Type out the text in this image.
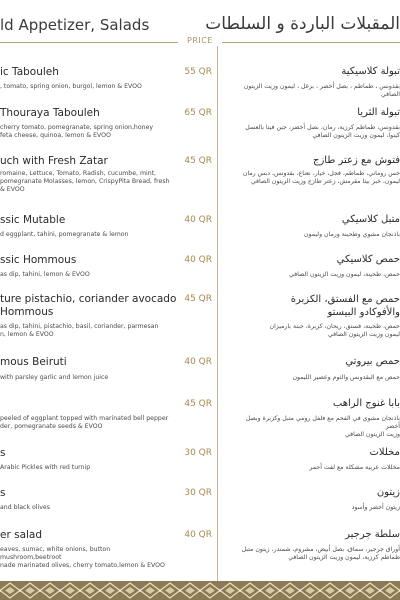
ld Appetizer, Salads	المقبلات الباردة و السلطات
PRICE
ic Tabouleh
, tomato, spring onion, burgol, lemon & EVOO
55 QR	تبولة كلاسيكية
بقدونس ، طماطم ، بصل أخضر ، برغل ، ليمون وزيت الزيتون الصافي
Thouraya Tabouleh
cherry tomato, pomegranate, spring onion,honey
feta cheese, quinoa, lemon & EVOO
65 QR	تبولة الثريا
بقدونس، طماطم كرزية، رمان، بصل أخضر، جبن فيتا بالعسل
كينوا، ليمون وزيت الزيتون الصافي
uch with Fresh Zatar
romaine, Lettuce, Tomato, Radish, cucumbe, mint,
pomegranate Molasses, lemon, CrispyPita Bread, fresh
& EVOO
45 QR	فتوش مع زعتر طازج
خس روماني، طماطم، فجل، خيار، نعناع، بقدونس، دبس رمان
ليمون، خبز بيتا مقرمش، زعتر طازج وزيت الزيتون الصافي
ssic Mutable
d eggplant, tahini, pomegranate & lemon
40 QR	متبل كلاسيكي
باذنجان مشوي وطحينة ورمان وليمون
ssic Hommous
as dip, tahini, lemon & EVOO
40 QR	حمص كلاسيكي
حمص، طحينة، ليمون وزيت الزيتون الصافي
ture pistachio, coriander avocado
Hommous
as dip, tahini, pistachio, basil, coriander, parmesan
n, lemon & EVOO
45 QR	حمص مع الفستق، الكزبرة
والأفوكادو البيستو
حمص، طحينة، فستق، ريحان، كزبرة، جبنة بارميزان
ليمون وزيت الزيتون الصافي
mous Beiruti
with parsley garlic and lemon juice
40 QR	حمص بيروتي
حمص مع البقدونس والثوم وعصير الليمون
peeled of eggplant topped with marinated bell pepper
der, pomegranate seeds & EVOO
45 QR	بابا غنوج الراهب
باذنجان مشوي في الفحم مع فلفل رومي متبل وكزبرة وبصل أخضر
وزيت الزيتون الصافي
s
Arabic Pickles with red turnip
30 QR	مخللات
مخللات عربية مشكلة مع لفت أحمر
s
and black olives
30 QR	زيتون
زيتون أخضر وأسود
er salad
eaves, sumac, white onions, button mushroom,beetroot
nade marinated olives, cherry tomato,lemon & EVOO
40 QR	سلطة جرجير
أوراق جرجير، سماق، بصل أبيض، مشروم، شمندر، زيتون متبل
طماطم كرزية، ليمون وزيت الزيتون الصافي
